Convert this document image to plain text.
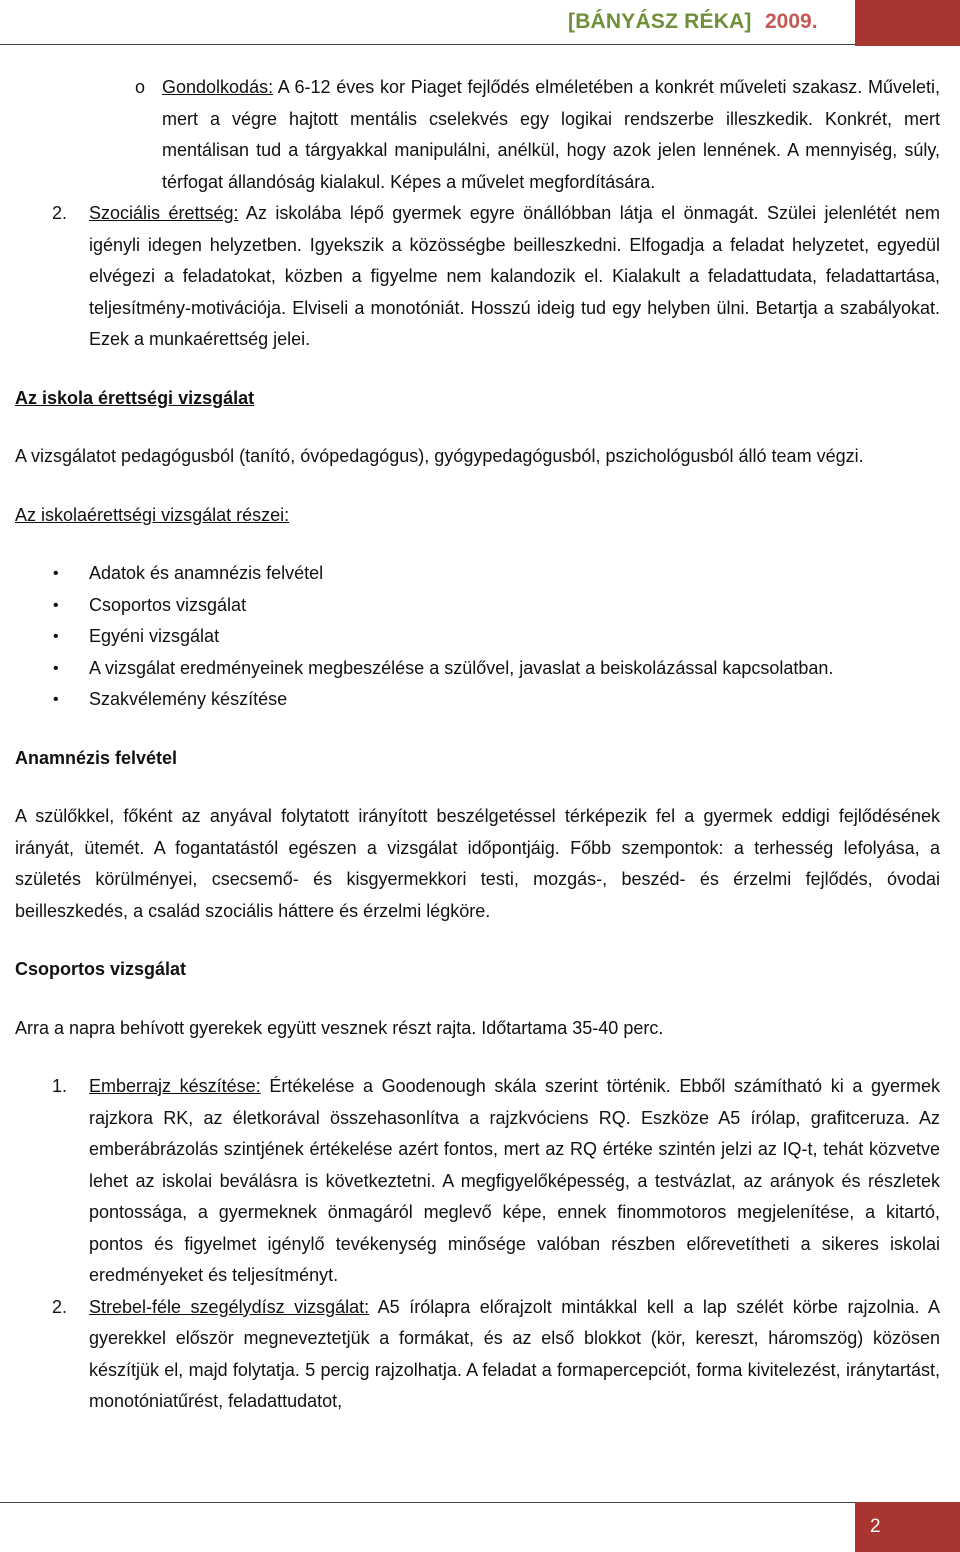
[BÁNYÁSZ RÉKA] 2009.
o Gondolkodás: A 6-12 éves kor Piaget fejlődés elméletében a konkrét műveleti szakasz. Műveleti, mert a végre hajtott mentális cselekvés egy logikai rendszerbe illeszkedik. Konkrét, mert mentálisan tud a tárgyakkal manipulálni, anélkül, hogy azok jelen lennének. A mennyiség, súly, térfogat állandóság kialakul. Képes a művelet megfordítására.
2. Szociális érettség: Az iskolába lépő gyermek egyre önállóbban látja el önmagát. Szülei jelenlétét nem igényli idegen helyzetben. Igyekszik a közösségbe beilleszkedni. Elfogadja a feladat helyzetet, egyedül elvégezi a feladatokat, közben a figyelme nem kalandozik el. Kialakult a feladattudata, feladattartása, teljesítmény-motivációja. Elviseli a monotóniát. Hosszú ideig tud egy helyben ülni. Betartja a szabályokat. Ezek a munkaérettség jelei.
Az iskola érettségi vizsgálat
A vizsgálatot pedagógusból (tanító, óvópedagógus), gyógypedagógusból, pszichológusból álló team végzi.
Az iskolaérettségi vizsgálat részei:
• Adatok és anamnézis felvétel
• Csoportos vizsgálat
• Egyéni vizsgálat
• A vizsgálat eredményeinek megbeszélése a szülővel, javaslat a beiskolázással kapcsolatban.
• Szakvélemény készítése
Anamnézis felvétel
A szülőkkel, főként az anyával folytatott irányított beszélgetéssel térképezik fel a gyermek eddigi fejlődésének irányát, ütemét. A fogantatástól egészen a vizsgálat időpontjáig. Főbb szempontok: a terhesség lefolyása, a születés körülményei, csecsemő- és kisgyermekkori testi, mozgás-, beszéd- és érzelmi fejlődés, óvodai beilleszkedés, a család szociális háttere és érzelmi légköre.
Csoportos vizsgálat
Arra a napra behívott gyerekek együtt vesznek részt rajta. Időtartama 35-40 perc.
1. Emberrajz készítése: Értékelése a Goodenough skála szerint történik. Ebből számítható ki a gyermek rajzkora RK, az életkorával összehasonlítva a rajzkvóciens RQ. Eszköze A5 írólap, grafitceruza. Az emberábrázolás szintjének értékelése azért fontos, mert az RQ értéke szintén jelzi az IQ-t, tehát közvetve lehet az iskolai beválásra is következtetni. A megfigyelőképesség, a testvázlat, az arányok és részletek pontossága, a gyermeknek önmagáról meglevő képe, ennek finommotoros megjelenítése, a kitartó, pontos és figyelmet igénylő tevékenység minősége valóban részben előrevetítheti a sikeres iskolai eredményeket és teljesítményt.
2. Strebel-féle szegélydísz vizsgálat: A5 írólapra előrajzolt mintákkal kell a lap szélét körbe rajzolnia. A gyerekkel először megneveztetjük a formákat, és az első blokkot (kör, kereszt, háromszög) közösen készítjük el, majd folytatja. 5 percig rajzolhatja. A feladat a formapercepciót, forma kivitelezést, iránytartást, monotóniatűrést, feladattudatot,
2
